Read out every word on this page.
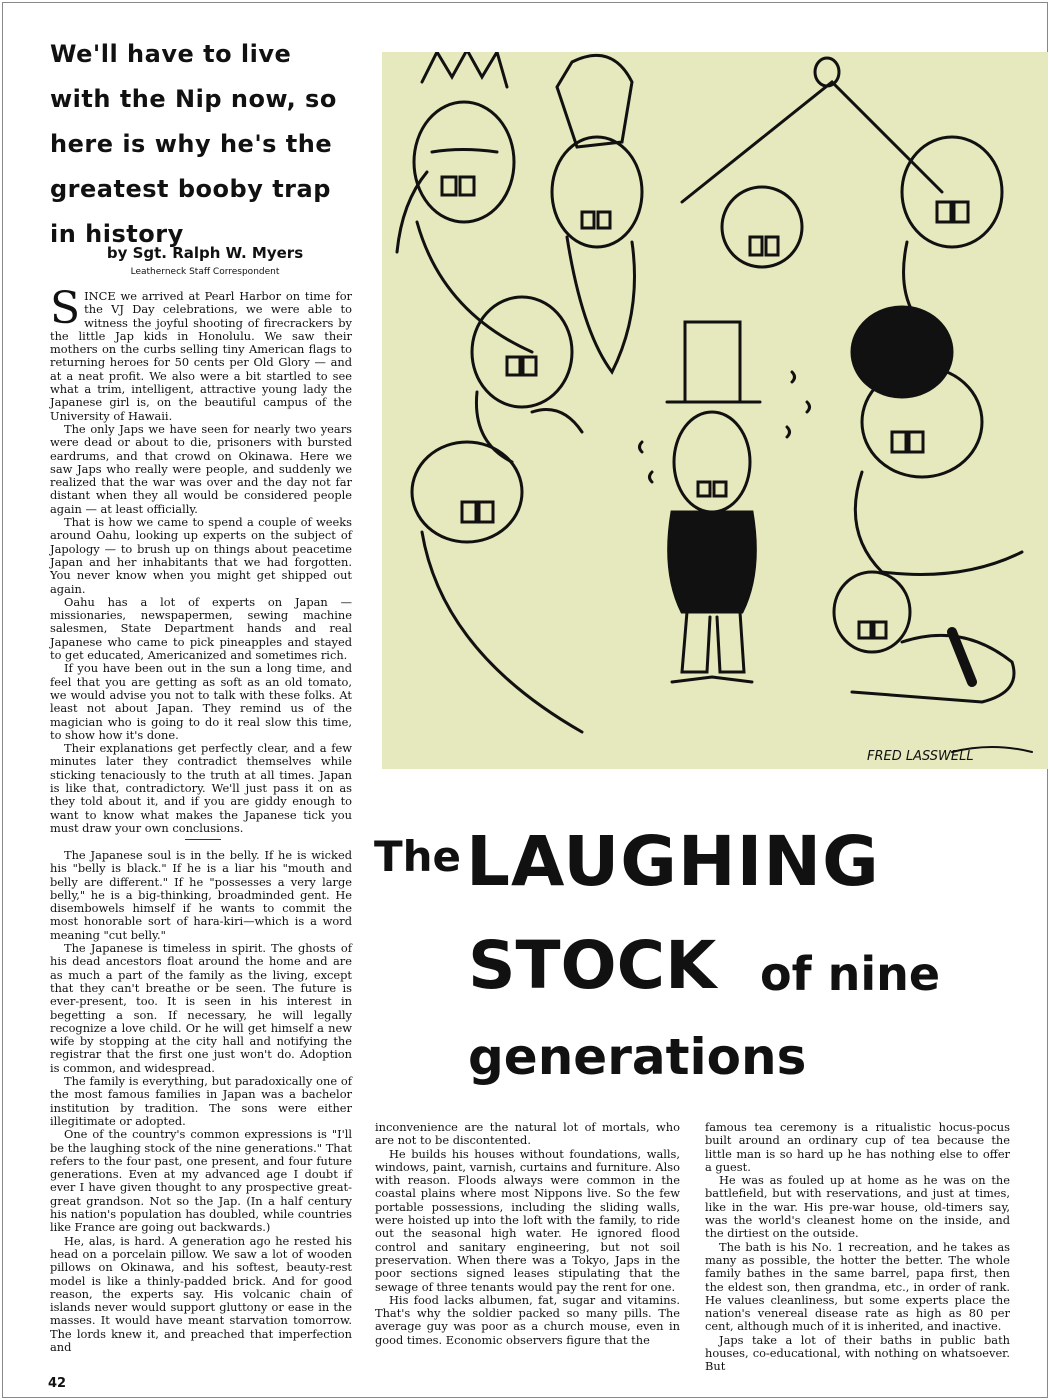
We'll have to live with the Nip now, so here is why he's the greatest booby trap in history
by Sgt. Ralph W. Myers
Leatherneck Staff Correspondent

SINCE we arrived at Pearl Harbor on time for the VJ Day celebrations, we were able to witness the joyful shooting of firecrackers by the little Jap kids in Honolulu. We saw their mothers on the curbs selling tiny American flags to returning heroes for 50 cents per Old Glory — and at a neat profit. We also were a bit startled to see what a trim, intelligent, attractive young lady the Japanese girl is, on the beautiful campus of the University of Hawaii.

The only Japs we have seen for nearly two years were dead or about to die, prisoners with bursted eardrums, and that crowd on Okinawa. Here we saw Japs who really were people, and suddenly we realized that the war was over and the day not far distant when they all would be considered people again — at least officially.

That is how we came to spend a couple of weeks around Oahu, looking up experts on the subject of Japology — to brush up on things about peacetime Japan and her inhabitants that we had forgotten. You never know when you might get shipped out again.

Oahu has a lot of experts on Japan — missionaries, newspapermen, sewing machine salesmen, State Department hands and real Japanese who came to pick pineapples and stayed to get educated, Americanized and sometimes rich.

If you have been out in the sun a long time, and feel that you are getting as soft as an old tomato, we would advise you not to talk with these folks. At least not about Japan. They remind us of the magician who is going to do it real slow this time, to show how it's done.

Their explanations get perfectly clear, and a few minutes later they contradict themselves while sticking tenaciously to the truth at all times. Japan is like that, contradictory. We'll just pass it on as they told about it, and if you are giddy enough to want to know what makes the Japanese tick you must draw your own conclusions.

The Japanese soul is in the belly. If he is wicked his "belly is black." If he is a liar his "mouth and belly are different." If he "possesses a very large belly," he is a big-thinking, broadminded gent. He disembowels himself if he wants to commit the most honorable sort of hara-kiri—which is a word meaning "cut belly."

The Japanese is timeless in spirit. The ghosts of his dead ancestors float around the home and are as much a part of the family as the living, except that they can't breathe or be seen. The future is ever-present, too. It is seen in his interest in begetting a son. If necessary, he will legally recognize a love child. Or he will get himself a new wife by stopping at the city hall and notifying the registrar that the first one just won't do. Adoption is common, and widespread.

The family is everything, but paradoxically one of the most famous families in Japan was a bachelor institution by tradition. The sons were either illegitimate or adopted.

One of the country's common expressions is "I'll be the laughing stock of the nine generations." That refers to the four past, one present, and four future generations. Even at my advanced age I doubt if ever I have given thought to any prospective great-great grandson. Not so the Jap. (In a half century his nation's population has doubled, while countries like France are going out backwards.)

He, alas, is hard. A generation ago he rested his head on a porcelain pillow. We saw a lot of wooden pillows on Okinawa, and his softest, beauty-rest model is like a thinly-padded brick. And for good reason, the experts say. His volcanic chain of islands never would support gluttony or ease in the masses. It would have meant starvation tomorrow. The lords knew it, and preached that imperfection and

FRED LASSWELL
The LAUGHING
STOCK of nine
generations

inconvenience are the natural lot of mortals, who are not to be discontented.

He builds his houses without foundations, walls, windows, paint, varnish, curtains and furniture. Also with reason. Floods always were common in the coastal plains where most Nippons live. So the few portable possessions, including the sliding walls, were hoisted up into the loft with the family, to ride out the seasonal high water. He ignored flood control and sanitary engineering, but not soil preservation. When there was a Tokyo, Japs in the poor sections signed leases stipulating that the sewage of three tenants would pay the rent for one.

His food lacks albumen, fat, sugar and vitamins. That's why the soldier packed so many pills. The average guy was poor as a church mouse, even in good times. Economic observers figure that the

famous tea ceremony is a ritualistic hocus-pocus built around an ordinary cup of tea because the little man is so hard up he has nothing else to offer a guest.

He was as fouled up at home as he was on the battlefield, but with reservations, and just at times, like in the war. His pre-war house, old-timers say, was the world's cleanest home on the inside, and the dirtiest on the outside.

The bath is his No. 1 recreation, and he takes as many as possible, the hotter the better. The whole family bathes in the same barrel, papa first, then the eldest son, then grandma, etc., in order of rank. He values cleanliness, but some experts place the nation's venereal disease rate as high as 80 per cent, although much of it is inherited, and inactive.

Japs take a lot of their baths in public bath houses, co-educational, with nothing on whatsoever. But

42
